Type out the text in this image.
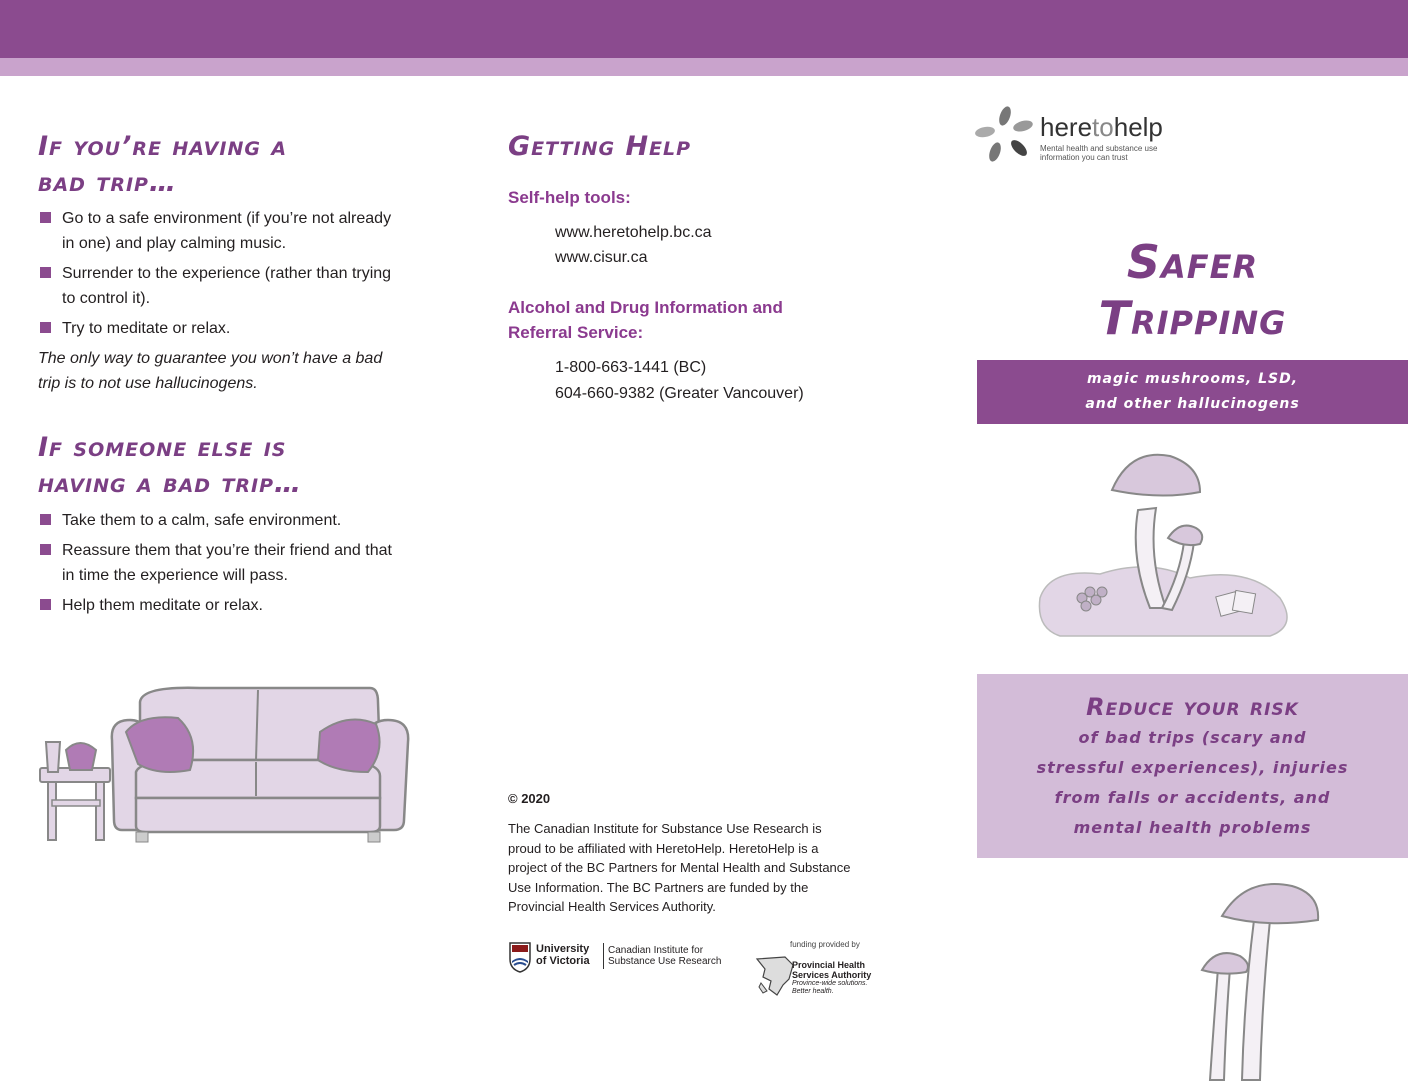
If you’re having a
bad trip…
Go to a safe environment (if you’re not already
in one) and play calming music.
Surrender to the experience (rather than trying
to control it).
Try to meditate or relax.
The only way to guarantee you won’t have a bad
trip is to not use hallucinogens.
If someone else is
having a bad trip…
Take them to a calm, safe environment.
Reassure them that you’re their friend and that
in time the experience will pass.
Help them meditate or relax.
Getting Help
Self-help tools:
www.heretohelp.bc.ca
www.cisur.ca
Alcohol and Drug Information and
Referral Service:
1-800-663-1441 (BC)
604-660-9382 (Greater Vancouver)
© 2020
The Canadian Institute for Substance Use Research is
proud to be affiliated with HeretoHelp. HeretoHelp is a
project of the BC Partners for Mental Health and Substance
Use Information. The BC Partners are funded by the
Provincial Health Services Authority.
University
of Victoria
Canadian Institute for
Substance Use Research
funding provided by
Provincial Health
Services Authority
Province-wide solutions.
Better health.
heretohelp
Mental health and substance use
information you can trust
Safer
Tripping
magic mushrooms, LSD,
and other hallucinogens
Reduce your risk
of bad trips (scary and
stressful experiences), injuries
from falls or accidents, and
mental health problems
